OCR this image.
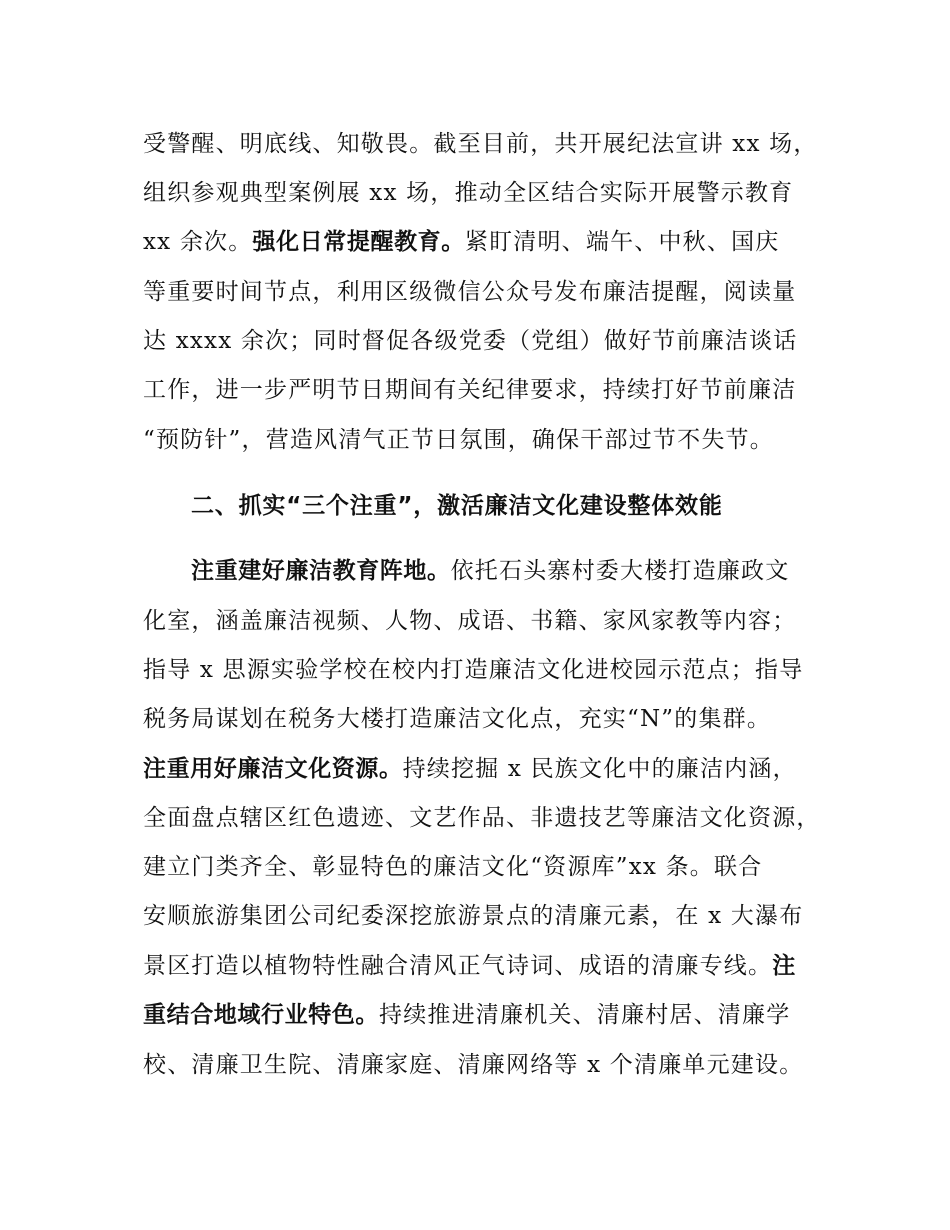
受警醒、明底线、知敬畏。截至目前，共开展纪法宣讲 xx 场，
组织参观典型案例展 xx 场，推动全区结合实际开展警示教育
xx 余次。强化日常提醒教育。紧盯清明、端午、中秋、国庆
等重要时间节点，利用区级微信公众号发布廉洁提醒，阅读量
达 xxxx 余次；同时督促各级党委（党组）做好节前廉洁谈话
工作，进一步严明节日期间有关纪律要求，持续打好节前廉洁
“预防针”，营造风清气正节日氛围，确保干部过节不失节。
二、抓实“三个注重”，激活廉洁文化建设整体效能
注重建好廉洁教育阵地。依托石头寨村委大楼打造廉政文
化室，涵盖廉洁视频、人物、成语、书籍、家风家教等内容；
指导 x 思源实验学校在校内打造廉洁文化进校园示范点；指导
税务局谋划在税务大楼打造廉洁文化点，充实“N”的集群。
注重用好廉洁文化资源。持续挖掘 x 民族文化中的廉洁内涵，
全面盘点辖区红色遗迹、文艺作品、非遗技艺等廉洁文化资源，
建立门类齐全、彰显特色的廉洁文化“资源库”xx 条。联合
安顺旅游集团公司纪委深挖旅游景点的清廉元素，在 x 大瀑布
景区打造以植物特性融合清风正气诗词、成语的清廉专线。注
重结合地域行业特色。持续推进清廉机关、清廉村居、清廉学
校、清廉卫生院、清廉家庭、清廉网络等 x 个清廉单元建设。
